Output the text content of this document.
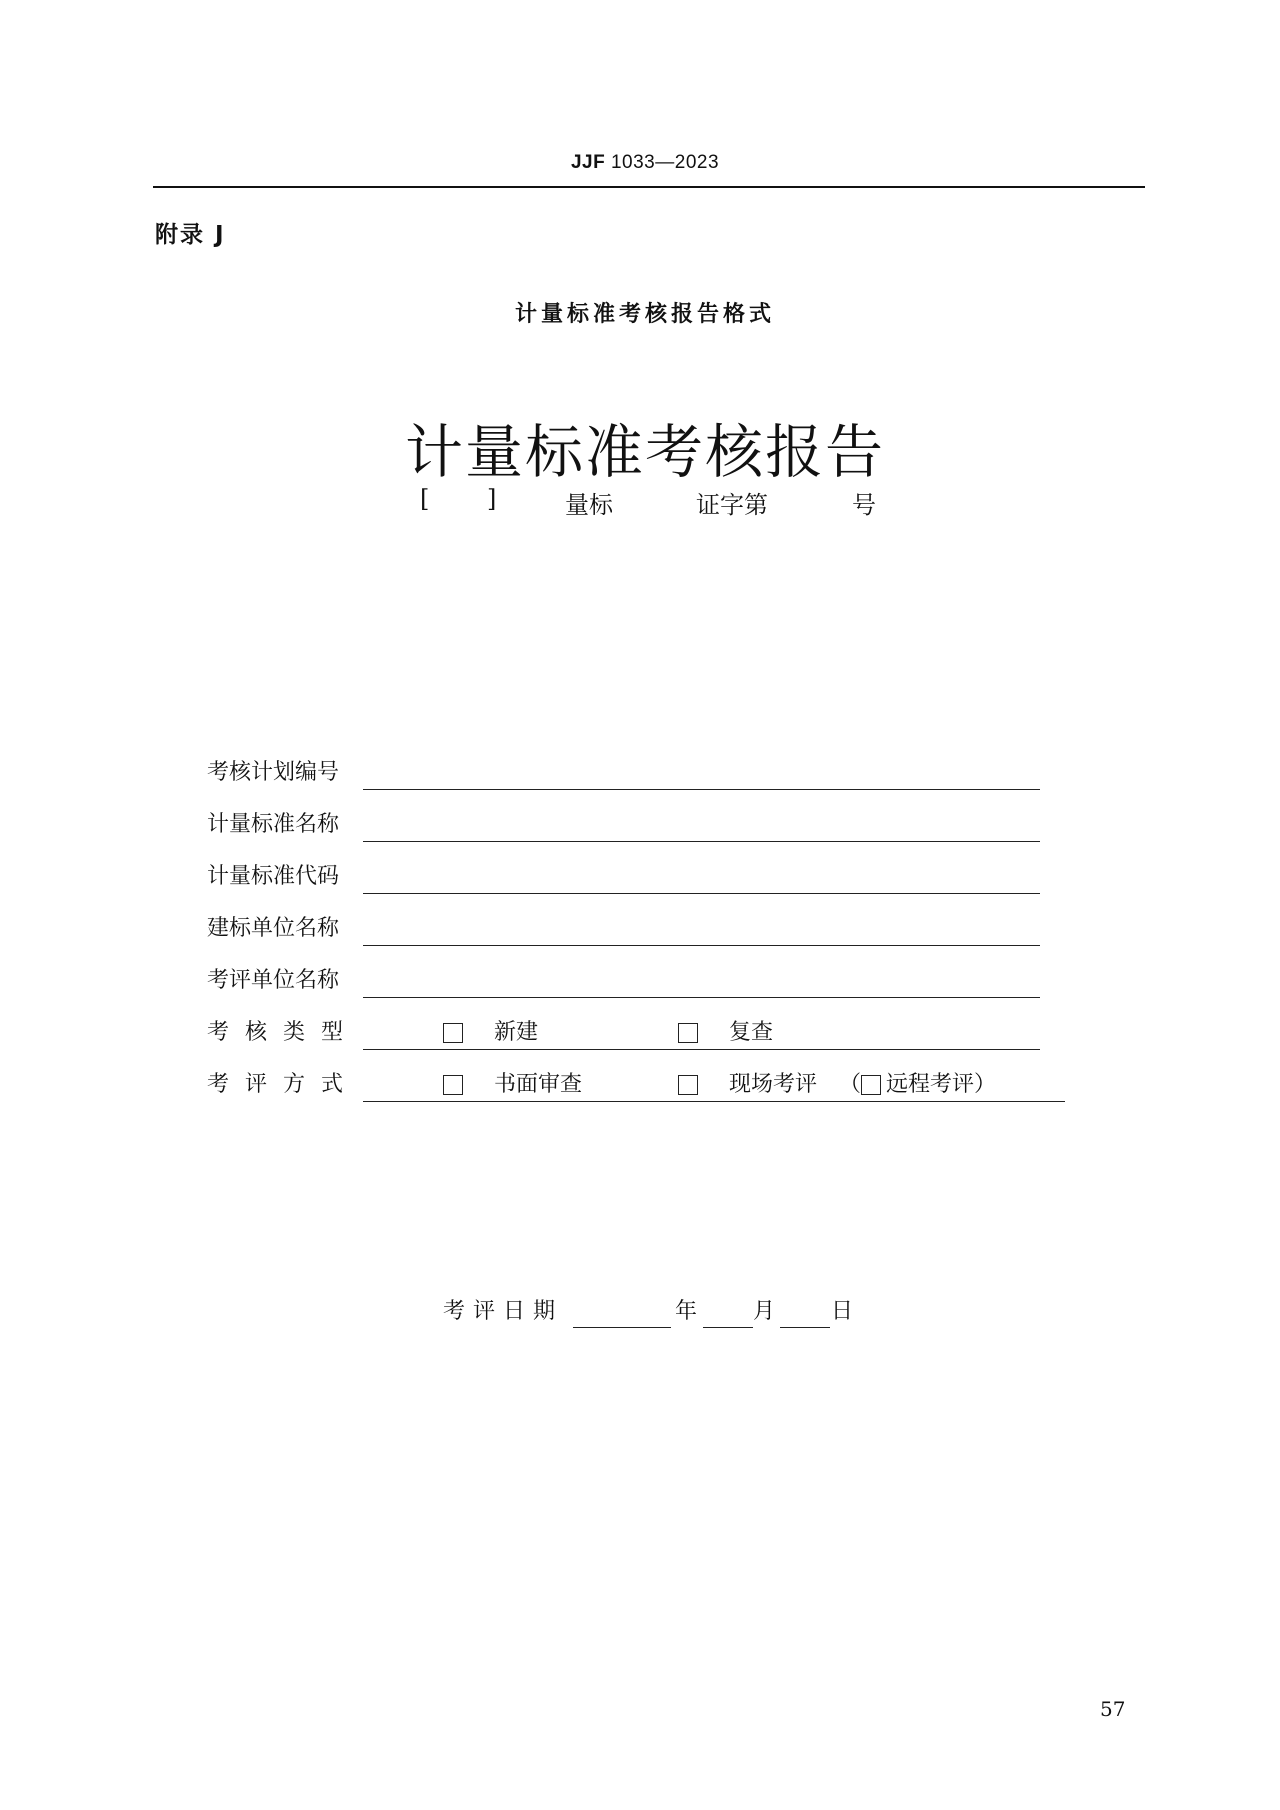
JJF 1033—2023
附录 J
计量标准考核报告格式
计量标准考核报告
[ ]	量标	证字第	号
考核计划编号
计量标准名称
计量标准代码
建标单位名称
考评单位名称
考核类型	新建	复查
考评方式	书面审查	现场考评 （ 远程考评）
考评日期	年	月	日
57
